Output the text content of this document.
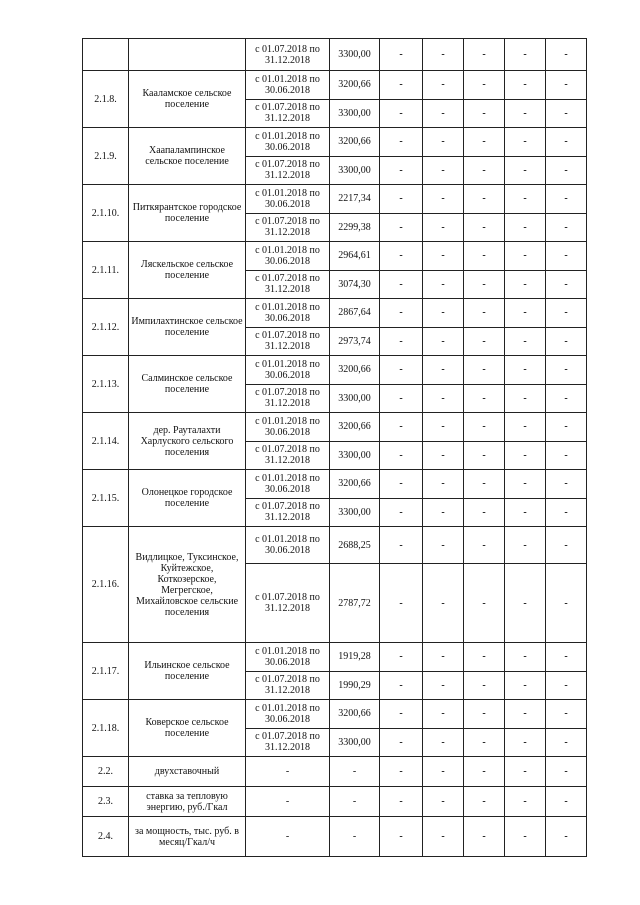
		с 01.07.2018 по 31.12.2018	3300,00	-	-	-	-	-
2.1.8.	Кааламское сельское поселение	с 01.01.2018 по 30.06.2018	3200,66	-	-	-	-	-
		с 01.07.2018 по 31.12.2018	3300,00	-	-	-	-	-
2.1.9.	Хаапалампинское сельское поселение	с 01.01.2018 по 30.06.2018	3200,66	-	-	-	-	-
		с 01.07.2018 по 31.12.2018	3300,00	-	-	-	-	-
2.1.10.	Питкярантское городское поселение	с 01.01.2018 по 30.06.2018	2217,34	-	-	-	-	-
		с 01.07.2018 по 31.12.2018	2299,38	-	-	-	-	-
2.1.11.	Ляскельское сельское поселение	с 01.01.2018 по 30.06.2018	2964,61	-	-	-	-	-
		с 01.07.2018 по 31.12.2018	3074,30	-	-	-	-	-
2.1.12.	Импилахтинское сельское поселение	с 01.01.2018 по 30.06.2018	2867,64	-	-	-	-	-
		с 01.07.2018 по 31.12.2018	2973,74	-	-	-	-	-
2.1.13.	Салминское сельское поселение	с 01.01.2018 по 30.06.2018	3200,66	-	-	-	-	-
		с 01.07.2018 по 31.12.2018	3300,00	-	-	-	-	-
2.1.14.	дер. Рауталахти Харлуского сельского поселения	с 01.01.2018 по 30.06.2018	3200,66	-	-	-	-	-
		с 01.07.2018 по 31.12.2018	3300,00	-	-	-	-	-
2.1.15.	Олонецкое городское поселение	с 01.01.2018 по 30.06.2018	3200,66	-	-	-	-	-
		с 01.07.2018 по 31.12.2018	3300,00	-	-	-	-	-
2.1.16.	Видлицкое, Туксинское, Куйтежское, Коткозерское, Мегрегское, Михайловское сельские поселения	с 01.01.2018 по 30.06.2018	2688,25	-	-	-	-	-
		с 01.07.2018 по 31.12.2018	2787,72	-	-	-	-	-
2.1.17.	Ильинское сельское поселение	с 01.01.2018 по 30.06.2018	1919,28	-	-	-	-	-
		с 01.07.2018 по 31.12.2018	1990,29	-	-	-	-	-
2.1.18.	Коверское сельское поселение	с 01.01.2018 по 30.06.2018	3200,66	-	-	-	-	-
		с 01.07.2018 по 31.12.2018	3300,00	-	-	-	-	-
2.2.	двухставочный	-	-	-	-	-	-	-
2.3.	ставка за тепловую энергию, руб./Гкал	-	-	-	-	-	-	-
2.4.	за мощность, тыс. руб. в месяц/Гкал/ч	-	-	-	-	-	-	-
